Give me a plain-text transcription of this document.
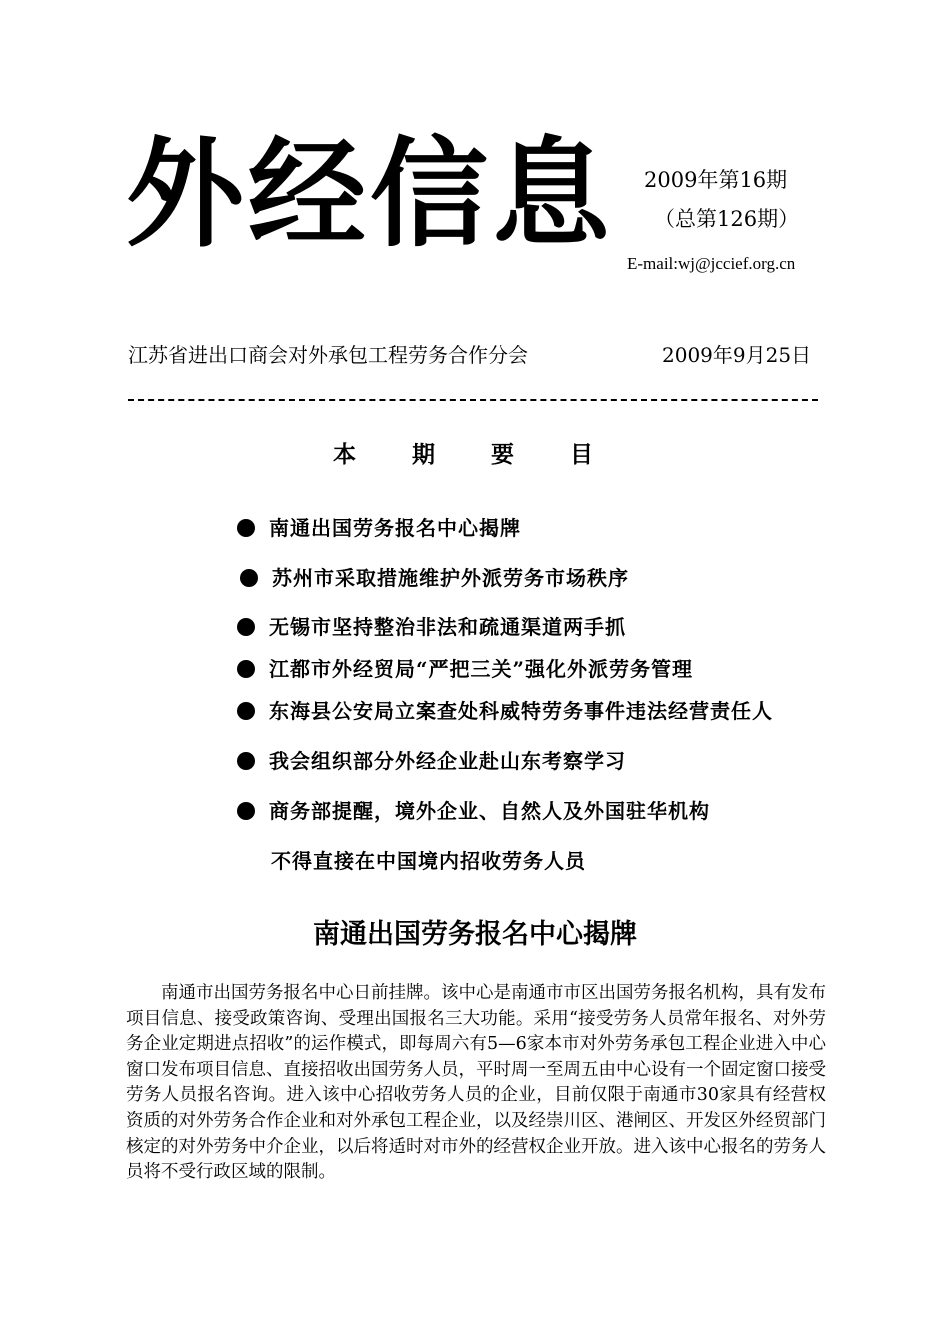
外经信息 2009年第16期
（总第126期）
E-mail:wj@jccief.org.cn
江苏省进出口商会对外承包工程劳务合作分会	2009年9月25日
本 期 要 目
南通出国劳务报名中心揭牌
苏州市采取措施维护外派劳务市场秩序
无锡市坚持整治非法和疏通渠道两手抓
江都市外经贸局“严把三关”强化外派劳务管理
东海县公安局立案查处科威特劳务事件违法经营责任人
我会组织部分外经企业赴山东考察学习
商务部提醒，境外企业、自然人及外国驻华机构
不得直接在中国境内招收劳务人员
南通出国劳务报名中心揭牌
南通市出国劳务报名中心日前挂牌。该中心是南通市市区出国劳务报名机构，具有发布项目信息、接受政策咨询、受理出国报名三大功能。采用“接受劳务人员常年报名、对外劳务企业定期进点招收”的运作模式，即每周六有5—6家本市对外劳务承包工程企业进入中心窗口发布项目信息、直接招收出国劳务人员，平时周一至周五由中心设有一个固定窗口接受劳务人员报名咨询。进入该中心招收劳务人员的企业，目前仅限于南通市30家具有经营权资质的对外劳务合作企业和对外承包工程企业，以及经崇川区、港闸区、开发区外经贸部门核定的对外劳务中介企业，以后将适时对市外的经营权企业开放。进入该中心报名的劳务人员将不受行政区域的限制。
